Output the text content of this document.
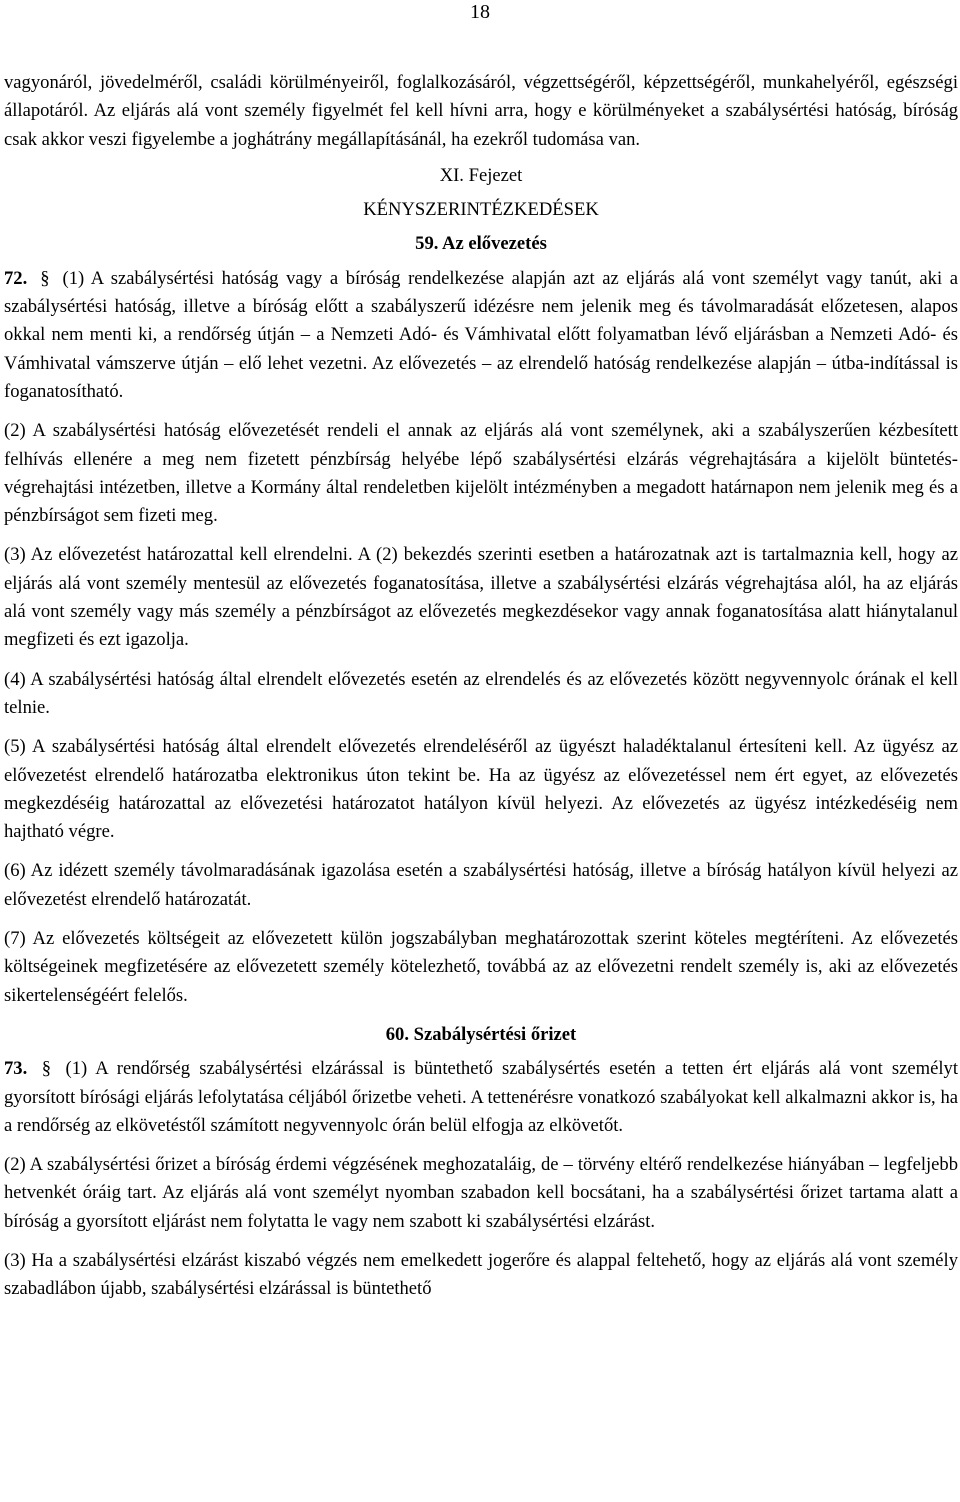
18

vagyonáról, jövedelméről, családi körülményeiről, foglalkozásáról, végzettségéről, képzettségéről, munkahelyéről, egészségi állapotáról. Az eljárás alá vont személy figyelmét fel kell hívni arra, hogy e körülményeket a szabálysértési hatóság, bíróság csak akkor veszi figyelembe a joghátrány megállapításánál, ha ezekről tudomása van.

XI. Fejezet

KÉNYSZERINTÉZKEDÉSEK

59. Az elővezetés

72. § (1) A szabálysértési hatóság vagy a bíróság rendelkezése alapján azt az eljárás alá vont személyt vagy tanút, aki a szabálysértési hatóság, illetve a bíróság előtt a szabályszerű idézésre nem jelenik meg és távolmaradását előzetesen, alapos okkal nem menti ki, a rendőrség útján – a Nemzeti Adó- és Vámhivatal előtt folyamatban lévő eljárásban a Nemzeti Adó- és Vámhivatal vámszerve útján – elő lehet vezetni. Az elővezetés – az elrendelő hatóság rendelkezése alapján – útba-indítással is foganatosítható.

(2) A szabálysértési hatóság elővezetését rendeli el annak az eljárás alá vont személynek, aki a szabályszerűen kézbesített felhívás ellenére a meg nem fizetett pénzbírság helyébe lépő szabálysértési elzárás végrehajtására a kijelölt büntetés-végrehajtási intézetben, illetve a Kormány által rendeletben kijelölt intézményben a megadott határnapon nem jelenik meg és a pénzbírságot sem fizeti meg.

(3) Az elővezetést határozattal kell elrendelni. A (2) bekezdés szerinti esetben a határozatnak azt is tartalmaznia kell, hogy az eljárás alá vont személy mentesül az elővezetés foganatosítása, illetve a szabálysértési elzárás végrehajtása alól, ha az eljárás alá vont személy vagy más személy a pénzbírságot az elővezetés megkezdésekor vagy annak foganatosítása alatt hiánytalanul megfizeti és ezt igazolja.

(4) A szabálysértési hatóság által elrendelt elővezetés esetén az elrendelés és az elővezetés között negyvennyolc órának el kell telnie.

(5) A szabálysértési hatóság által elrendelt elővezetés elrendeléséről az ügyészt haladéktalanul értesíteni kell. Az ügyész az elővezetést elrendelő határozatba elektronikus úton tekint be. Ha az ügyész az elővezetéssel nem ért egyet, az elővezetés megkezdéséig határozattal az elővezetési határozatot hatályon kívül helyezi. Az elővezetés az ügyész intézkedéséig nem hajtható végre.

(6) Az idézett személy távolmaradásának igazolása esetén a szabálysértési hatóság, illetve a bíróság hatályon kívül helyezi az elővezetést elrendelő határozatát.

(7) Az elővezetés költségeit az elővezetett külön jogszabályban meghatározottak szerint köteles megtéríteni. Az elővezetés költségeinek megfizetésére az elővezetett személy kötelezhető, továbbá az az elővezetni rendelt személy is, aki az elővezetés sikertelenségéért felelős.

60. Szabálysértési őrizet

73. § (1) A rendőrség szabálysértési elzárással is büntethető szabálysértés esetén a tetten ért eljárás alá vont személyt gyorsított bírósági eljárás lefolytatása céljából őrizetbe veheti. A tettenérésre vonatkozó szabályokat kell alkalmazni akkor is, ha a rendőrség az elkövetéstől számított negyvennyolc órán belül elfogja az elkövetőt.

(2) A szabálysértési őrizet a bíróság érdemi végzésének meghozataláig, de – törvény eltérő rendelkezése hiányában – legfeljebb hetvenkét óráig tart. Az eljárás alá vont személyt nyomban szabadon kell bocsátani, ha a szabálysértési őrizet tartama alatt a bíróság a gyorsított eljárást nem folytatta le vagy nem szabott ki szabálysértési elzárást.

(3) Ha a szabálysértési elzárást kiszabó végzés nem emelkedett jogerőre és alappal feltehető, hogy az eljárás alá vont személy szabadlábon újabb, szabálysértési elzárással is büntethető
